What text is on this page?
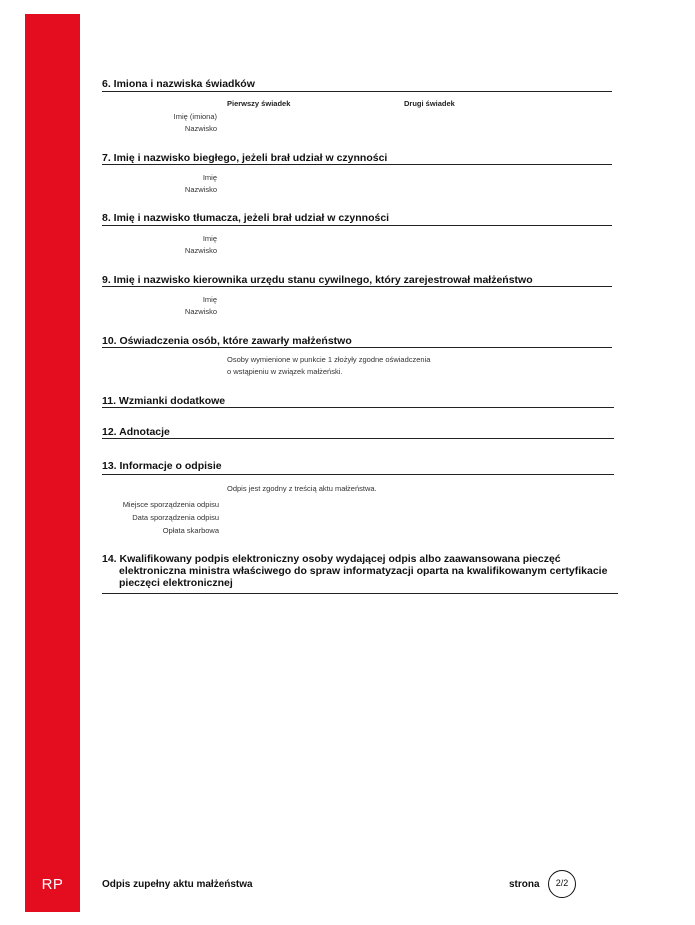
RP
6. Imiona i nazwiska świadków
Pierwszy świadek	Drugi świadek
Imię (imiona)
Nazwisko
7. Imię i nazwisko biegłego, jeżeli brał udział w czynności
Imię
Nazwisko
8. Imię i nazwisko tłumacza, jeżeli brał udział w czynności
Imię
Nazwisko
9. Imię i nazwisko kierownika urzędu stanu cywilnego, który zarejestrował małżeństwo
Imię
Nazwisko
10. Oświadczenia osób, które zawarły małżeństwo
Osoby wymienione w punkcie 1 złożyły zgodne oświadczenia
o wstąpieniu w związek małżeński.
11. Wzmianki dodatkowe
12. Adnotacje
13. Informacje o odpisie
Odpis jest zgodny z treścią aktu małżeństwa.
Miejsce sporządzenia odpisu
Data sporządzenia odpisu
Opłata skarbowa
14. Kwalifikowany podpis elektroniczny osoby wydającej odpis albo zaawansowana pieczęć
elektroniczna ministra właściwego do spraw informatyzacji oparta na kwalifikowanym certyfikacie
pieczęci elektronicznej
Odpis zupełny aktu małżeństwa	strona	2/2
